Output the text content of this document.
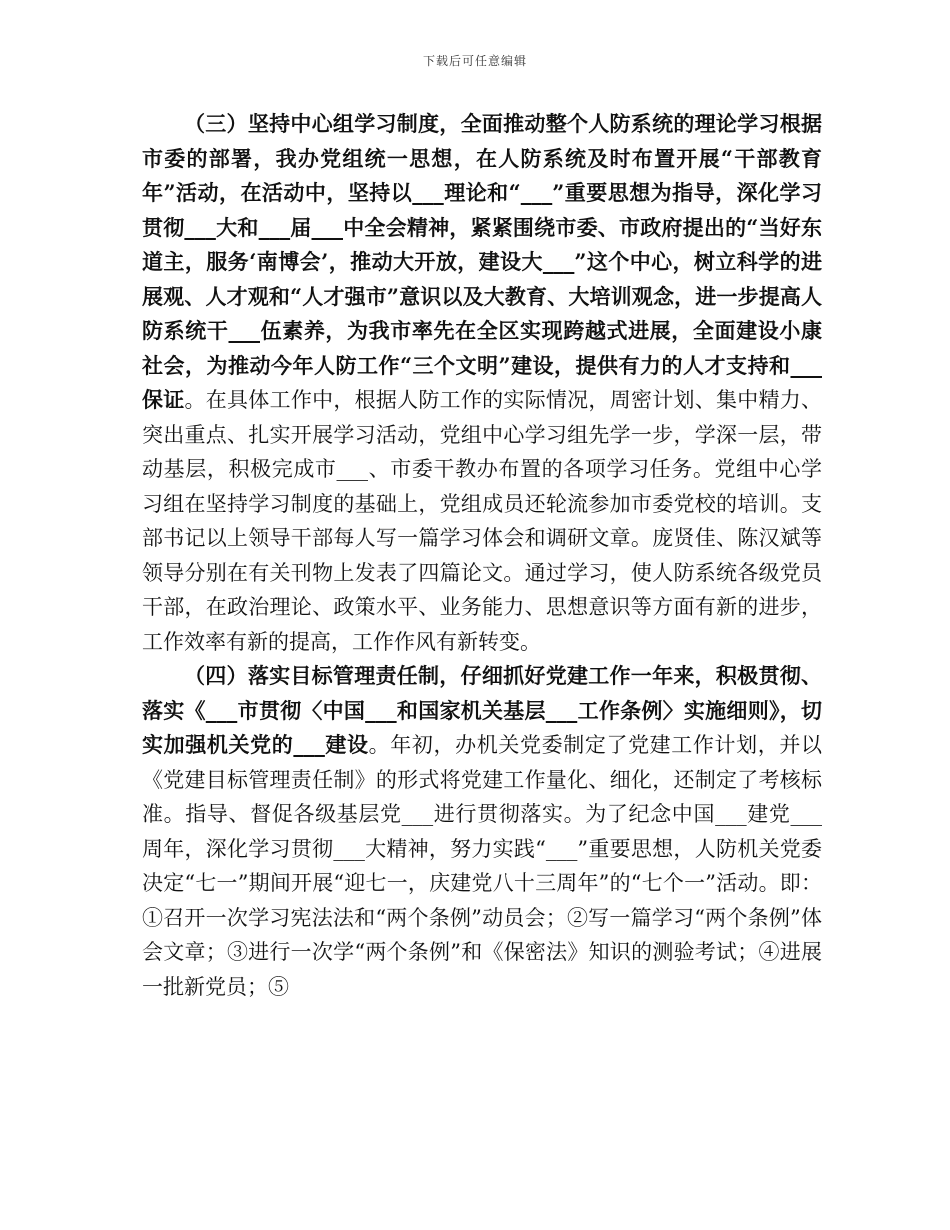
下载后可任意编辑

（三）坚持中心组学习制度，全面推动整个人防系统的理论学习根据市委的部署，我办党组统一思想，在人防系统及时布置开展“干部教育年”活动，在活动中，坚持以___理论和“___”重要思想为指导，深化学习贯彻___大和___届___中全会精神，紧紧围绕市委、市政府提出的“当好东道主，服务‘南博会’，推动大开放，建设大___”这个中心，树立科学的进展观、人才观和“人才强市”意识以及大教育、大培训观念，进一步提高人防系统干___伍素养，为我市率先在全区实现跨越式进展，全面建设小康社会，为推动今年人防工作“三个文明”建设，提供有力的人才支持和___保证。在具体工作中，根据人防工作的实际情况，周密计划、集中精力、突出重点、扎实开展学习活动，党组中心学习组先学一步，学深一层，带动基层，积极完成市___、市委干教办布置的各项学习任务。党组中心学习组在坚持学习制度的基础上，党组成员还轮流参加市委党校的培训。支部书记以上领导干部每人写一篇学习体会和调研文章。庞贤佳、陈汉斌等领导分别在有关刊物上发表了四篇论文。通过学习，使人防系统各级党员干部，在政治理论、政策水平、业务能力、思想意识等方面有新的进步，工作效率有新的提高，工作作风有新转变。

（四）落实目标管理责任制，仔细抓好党建工作一年来，积极贯彻、落实《___市贯彻〈中国___和国家机关基层___工作条例〉实施细则》，切实加强机关党的___建设。年初，办机关党委制定了党建工作计划，并以《党建目标管理责任制》的形式将党建工作量化、细化，还制定了考核标准。指导、督促各级基层党___进行贯彻落实。为了纪念中国___建党___周年，深化学习贯彻___大精神，努力实践“___”重要思想，人防机关党委决定“七一”期间开展“迎七一，庆建党八十三周年”的“七个一”活动。即：①召开一次学习宪法法和“两个条例”动员会；②写一篇学习“两个条例”体会文章；③进行一次学“两个条例”和《保密法》知识的测验考试；④进展一批新党员；⑤
